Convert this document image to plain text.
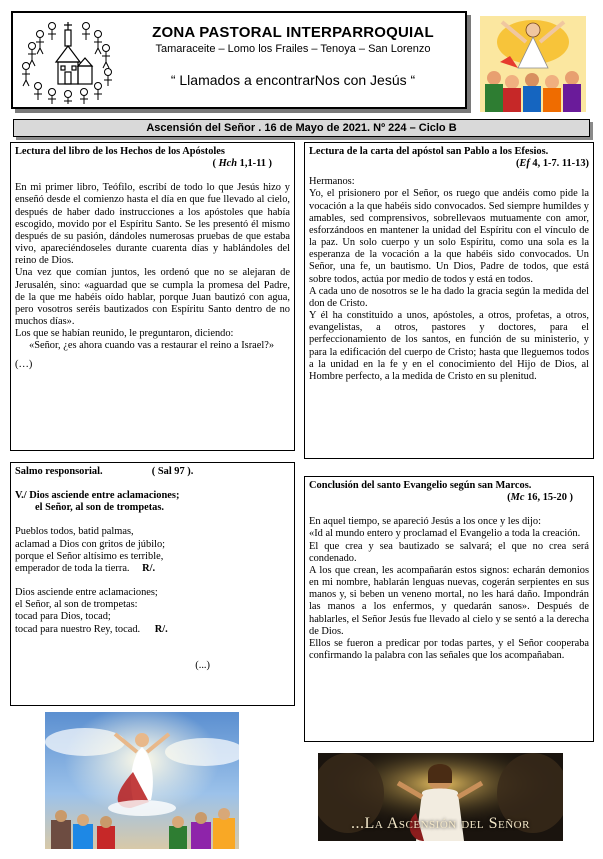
ZONA PASTORAL INTERPARROQUIAL
Tamaraceite – Lomo los Frailes – Tenoya – San Lorenzo
“ Llamados a encontrarNos con Jesús “
Ascensión del Señor . 16 de Mayo de 2021. Nº 224 – Ciclo B

Lectura del libro de los Hechos de los Apóstoles

( Hch 1,1-11 )

En mi primer libro, Teófilo, escribí de todo lo que Jesús hizo y enseñó desde el comienzo hasta el día en que fue llevado al cielo, después de haber dado instrucciones a los apóstoles que había escogido, movido por el Espíritu Santo. Se les presentó él mismo después de su pasión, dándoles numerosas pruebas de que estaba vivo, apareciéndoseles durante cuarenta días y hablándoles del reino de Dios.

Una vez que comían juntos, les ordenó que no se alejaran de Jerusalén, sino: «aguardad que se cumpla la promesa del Padre, de la que me habéis oído hablar, porque Juan bautizó con agua, pero vosotros seréis bautizados con Espíritu Santo dentro de no muchos días».

Los que se habían reunido, le preguntaron, diciendo:

«Señor, ¿es ahora cuando vas a restaurar el reino a Israel?»

(…)

Lectura de la carta del apóstol san Pablo a los Efesios.

(Ef 4, 1-7. 11-13)

Hermanos:

Yo, el prisionero por el Señor, os ruego que andéis como pide la vocación a la que habéis sido convocados. Sed siempre humildes y amables, sed comprensivos, sobrellevaos mutuamente con amor, esforzándoos en mantener la unidad del Espíritu con el vínculo de la paz. Un solo cuerpo y un solo Espíritu, como una sola es la esperanza de la vocación a la que habéis sido convocados. Un Señor, una fe, un bautismo. Un Dios, Padre de todos, que está sobre todos, actúa por medio de todos y está en todos.

A cada uno de nosotros se le ha dado la gracia según la medida del don de Cristo.

Y él ha constituido a unos, apóstoles, a otros, profetas, a otros, evangelistas, a otros, pastores y doctores, para el perfeccionamiento de los santos, en función de su ministerio, y para la edificación del cuerpo de Cristo; hasta que lleguemos todos a la unidad en la fe y en el conocimiento del Hijo de Dios, al Hombre perfecto, a la medida de Cristo en su plenitud.

Salmo responsorial.	( Sal 97 ).

V./ Dios asciende entre aclamaciones;

el Señor, al son de trompetas.

Pueblos todos, batid palmas,

aclamad a Dios con gritos de júbilo;

porque el Señor altísimo es terrible,

emperador de toda la tierra. R/.

Dios asciende entre aclamaciones;

el Señor, al son de trompetas:

tocad para Dios, tocad;

tocad para nuestro Rey, tocad. R/.

(...)

Conclusión del santo Evangelio según san Marcos.

(Mc 16, 15-20 )

En aquel tiempo, se apareció Jesús a los once y les dijo:

«Id al mundo entero y proclamad el Evangelio a toda la creación.

El que crea y sea bautizado se salvará; el que no crea será condenado.

A los que crean, les acompañarán estos signos: echarán demonios en mi nombre, hablarán lenguas nuevas, cogerán serpientes en sus manos y, si beben un veneno mortal, no les hará daño. Impondrán las manos a los enfermos, y quedarán sanos». Después de hablarles, el Señor Jesús fue llevado al cielo y se sentó a la derecha de Dios.

Ellos se fueron a predicar por todas partes, y el Señor cooperaba confirmando la palabra con las señales que los acompañaban.

...La Ascensión del Señor
